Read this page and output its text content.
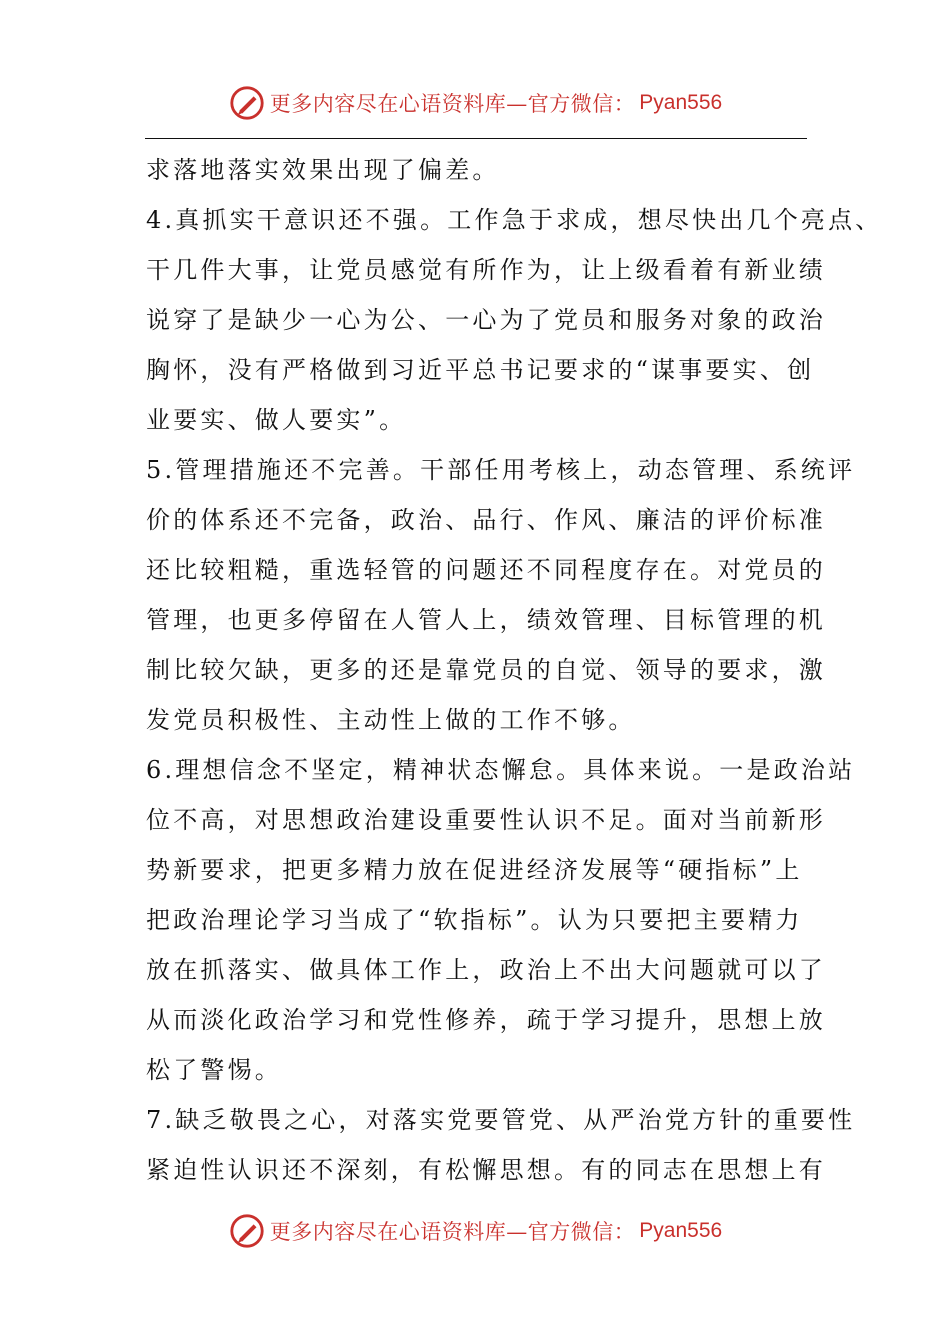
更多内容尽在心语资料库—官方微信： Pyan556
求落地落实效果出现了偏差。
4.真抓实干意识还不强。工作急于求成，想尽快出几个亮点、
干几件大事，让党员感觉有所作为，让上级看着有新业绩
说穿了是缺少一心为公、一心为了党员和服务对象的政治
胸怀，没有严格做到习近平总书记要求的“谋事要实、创
业要实、做人要实”。
5.管理措施还不完善。干部任用考核上，动态管理、系统评
价的体系还不完备，政治、品行、作风、廉洁的评价标准
还比较粗糙，重选轻管的问题还不同程度存在。对党员的
管理，也更多停留在人管人上，绩效管理、目标管理的机
制比较欠缺，更多的还是靠党员的自觉、领导的要求，激
发党员积极性、主动性上做的工作不够。
6.理想信念不坚定，精神状态懈怠。具体来说。一是政治站
位不高，对思想政治建设重要性认识不足。面对当前新形
势新要求，把更多精力放在促进经济发展等“硬指标”上
把政治理论学习当成了“软指标”。认为只要把主要精力
放在抓落实、做具体工作上，政治上不出大问题就可以了
从而淡化政治学习和党性修养，疏于学习提升，思想上放
松了警惕。
7.缺乏敬畏之心，对落实党要管党、从严治党方针的重要性
紧迫性认识还不深刻，有松懈思想。有的同志在思想上有
更多内容尽在心语资料库—官方微信： Pyan556
